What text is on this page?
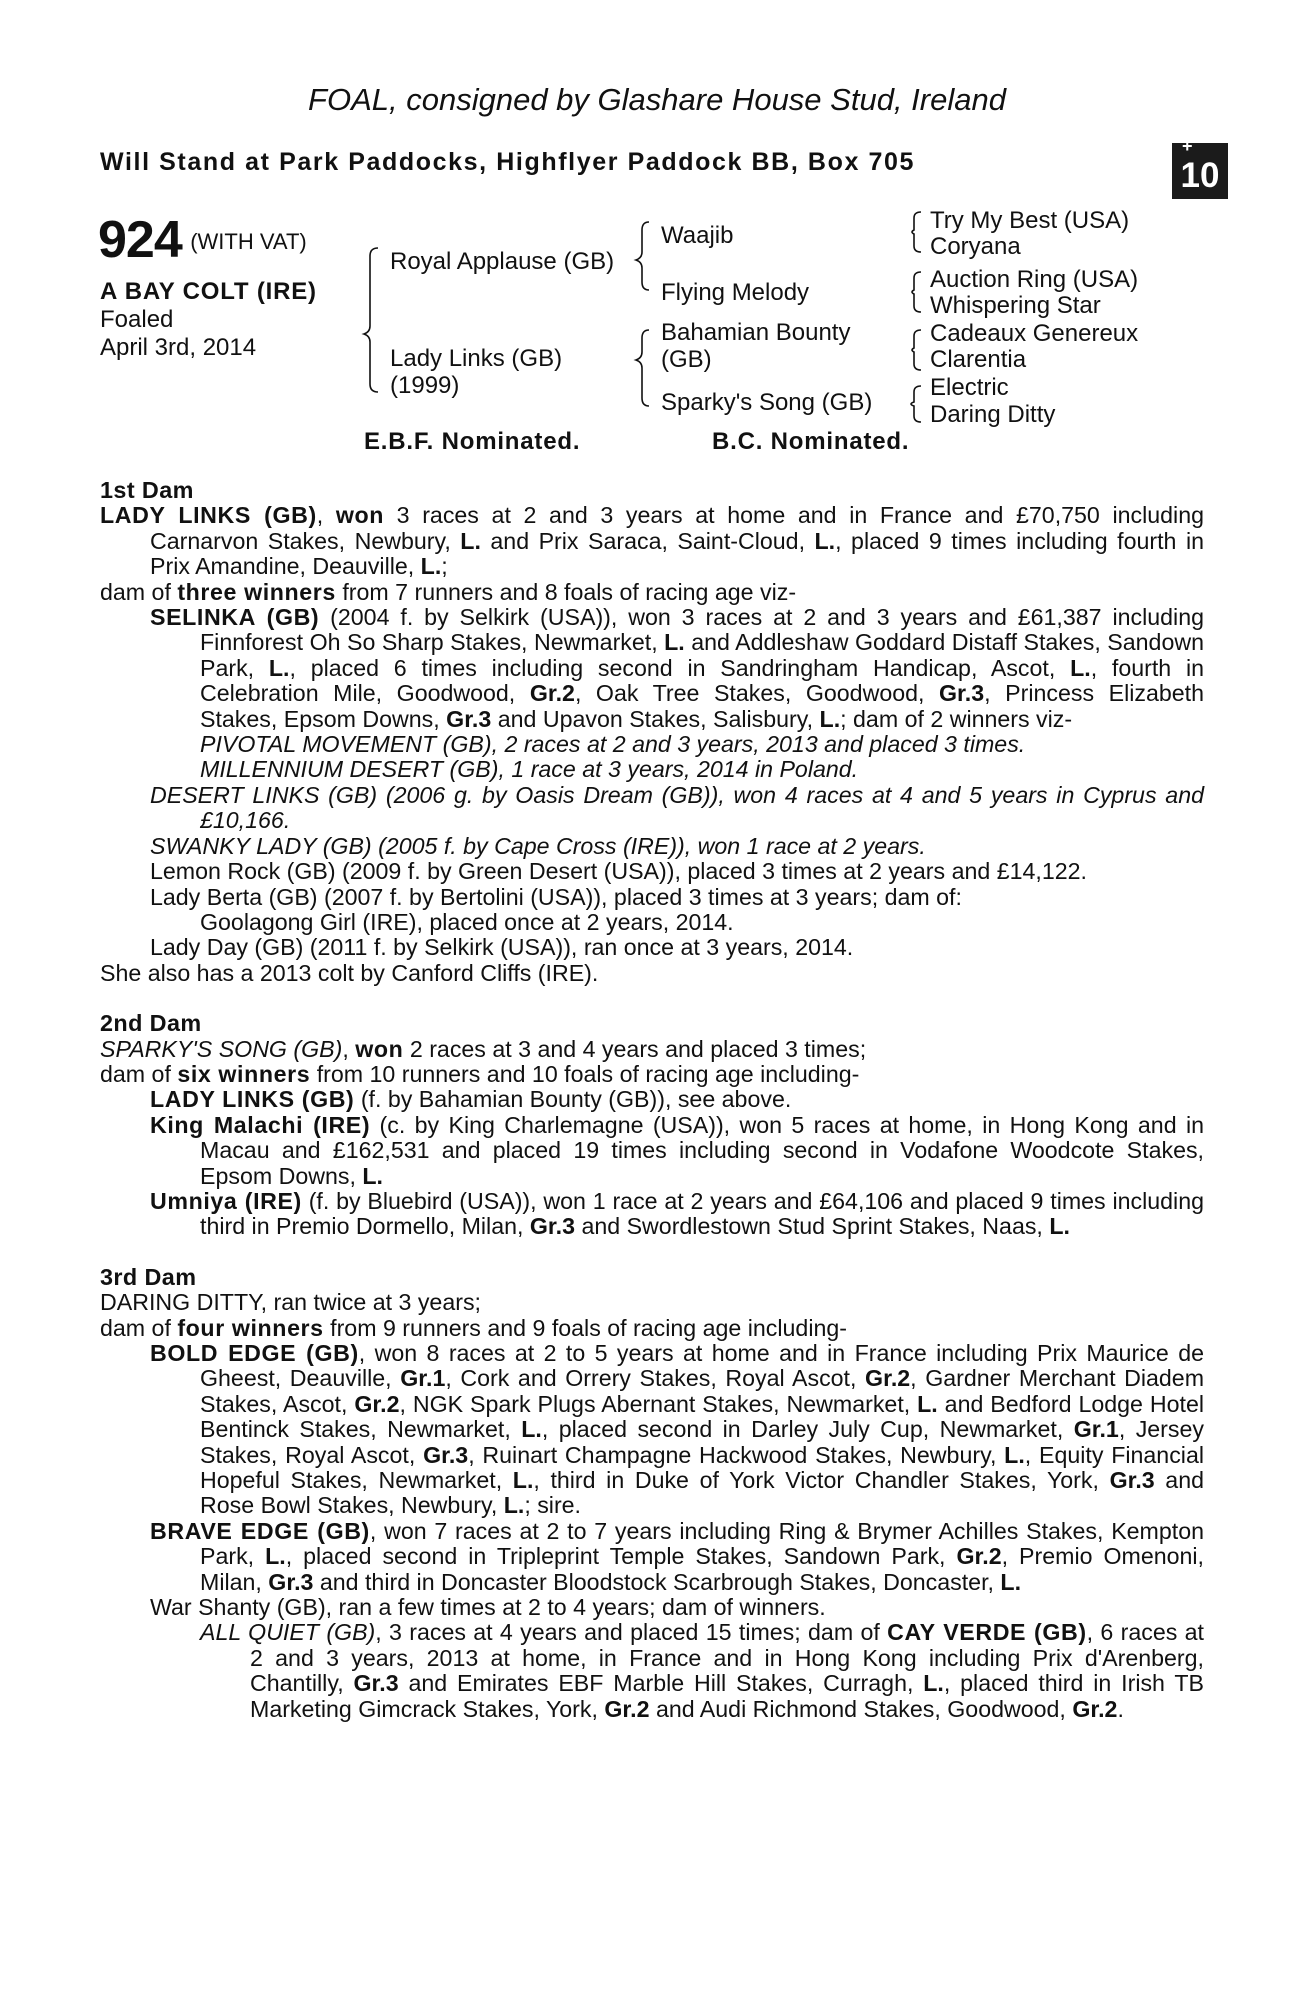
FOAL, consigned by Glashare House Stud, Ireland
Will Stand at Park Paddocks, Highflyer Paddock BB, Box 705
+
10
924 (WITH VAT)
A BAY COLT (IRE)
Foaled
April 3rd, 2014
Royal Applause (GB)
Lady Links (GB)
(1999)
Waajib
Flying Melody
Bahamian Bounty
(GB)
Sparky's Song (GB)
Try My Best (USA)
Coryana
Auction Ring (USA)
Whispering Star
Cadeaux Genereux
Clarentia
Electric
Daring Ditty
E.B.F. Nominated.	B.C. Nominated.

1st Dam

LADY LINKS (GB), won 3 races at 2 and 3 years at home and in France and £70,750 including Carnarvon Stakes, Newbury, L. and Prix Saraca, Saint-Cloud, L., placed 9 times including fourth in Prix Amandine, Deauville, L.;

dam of three winners from 7 runners and 8 foals of racing age viz-

SELINKA (GB) (2004 f. by Selkirk (USA)), won 3 races at 2 and 3 years and £61,387 including Finnforest Oh So Sharp Stakes, Newmarket, L. and Addleshaw Goddard Distaff Stakes, Sandown Park, L., placed 6 times including second in Sandringham Handicap, Ascot, L., fourth in Celebration Mile, Goodwood, Gr.2, Oak Tree Stakes, Goodwood, Gr.3, Princess Elizabeth Stakes, Epsom Downs, Gr.3 and Upavon Stakes, Salisbury, L.; dam of 2 winners viz-

PIVOTAL MOVEMENT (GB), 2 races at 2 and 3 years, 2013 and placed 3 times.

MILLENNIUM DESERT (GB), 1 race at 3 years, 2014 in Poland.

DESERT LINKS (GB) (2006 g. by Oasis Dream (GB)), won 4 races at 4 and 5 years in Cyprus and £10,166.

SWANKY LADY (GB) (2005 f. by Cape Cross (IRE)), won 1 race at 2 years.

Lemon Rock (GB) (2009 f. by Green Desert (USA)), placed 3 times at 2 years and £14,122.

Lady Berta (GB) (2007 f. by Bertolini (USA)), placed 3 times at 3 years; dam of:

Goolagong Girl (IRE), placed once at 2 years, 2014.

Lady Day (GB) (2011 f. by Selkirk (USA)), ran once at 3 years, 2014.

She also has a 2013 colt by Canford Cliffs (IRE).

2nd Dam

SPARKY'S SONG (GB), won 2 races at 3 and 4 years and placed 3 times;

dam of six winners from 10 runners and 10 foals of racing age including-

LADY LINKS (GB) (f. by Bahamian Bounty (GB)), see above.

King Malachi (IRE) (c. by King Charlemagne (USA)), won 5 races at home, in Hong Kong and in Macau and £162,531 and placed 19 times including second in Vodafone Woodcote Stakes, Epsom Downs, L.

Umniya (IRE) (f. by Bluebird (USA)), won 1 race at 2 years and £64,106 and placed 9 times including third in Premio Dormello, Milan, Gr.3 and Swordlestown Stud Sprint Stakes, Naas, L.

3rd Dam

DARING DITTY, ran twice at 3 years;

dam of four winners from 9 runners and 9 foals of racing age including-

BOLD EDGE (GB), won 8 races at 2 to 5 years at home and in France including Prix Maurice de Gheest, Deauville, Gr.1, Cork and Orrery Stakes, Royal Ascot, Gr.2, Gardner Merchant Diadem Stakes, Ascot, Gr.2, NGK Spark Plugs Abernant Stakes, Newmarket, L. and Bedford Lodge Hotel Bentinck Stakes, Newmarket, L., placed second in Darley July Cup, Newmarket, Gr.1, Jersey Stakes, Royal Ascot, Gr.3, Ruinart Champagne Hackwood Stakes, Newbury, L., Equity Financial Hopeful Stakes, Newmarket, L., third in Duke of York Victor Chandler Stakes, York, Gr.3 and Rose Bowl Stakes, Newbury, L.; sire.

BRAVE EDGE (GB), won 7 races at 2 to 7 years including Ring & Brymer Achilles Stakes, Kempton Park, L., placed second in Tripleprint Temple Stakes, Sandown Park, Gr.2, Premio Omenoni, Milan, Gr.3 and third in Doncaster Bloodstock Scarbrough Stakes, Doncaster, L.

War Shanty (GB), ran a few times at 2 to 4 years; dam of winners.

ALL QUIET (GB), 3 races at 4 years and placed 15 times; dam of CAY VERDE (GB), 6 races at 2 and 3 years, 2013 at home, in France and in Hong Kong including Prix d'Arenberg, Chantilly, Gr.3 and Emirates EBF Marble Hill Stakes, Curragh, L., placed third in Irish TB Marketing Gimcrack Stakes, York, Gr.2 and Audi Richmond Stakes, Goodwood, Gr.2.
